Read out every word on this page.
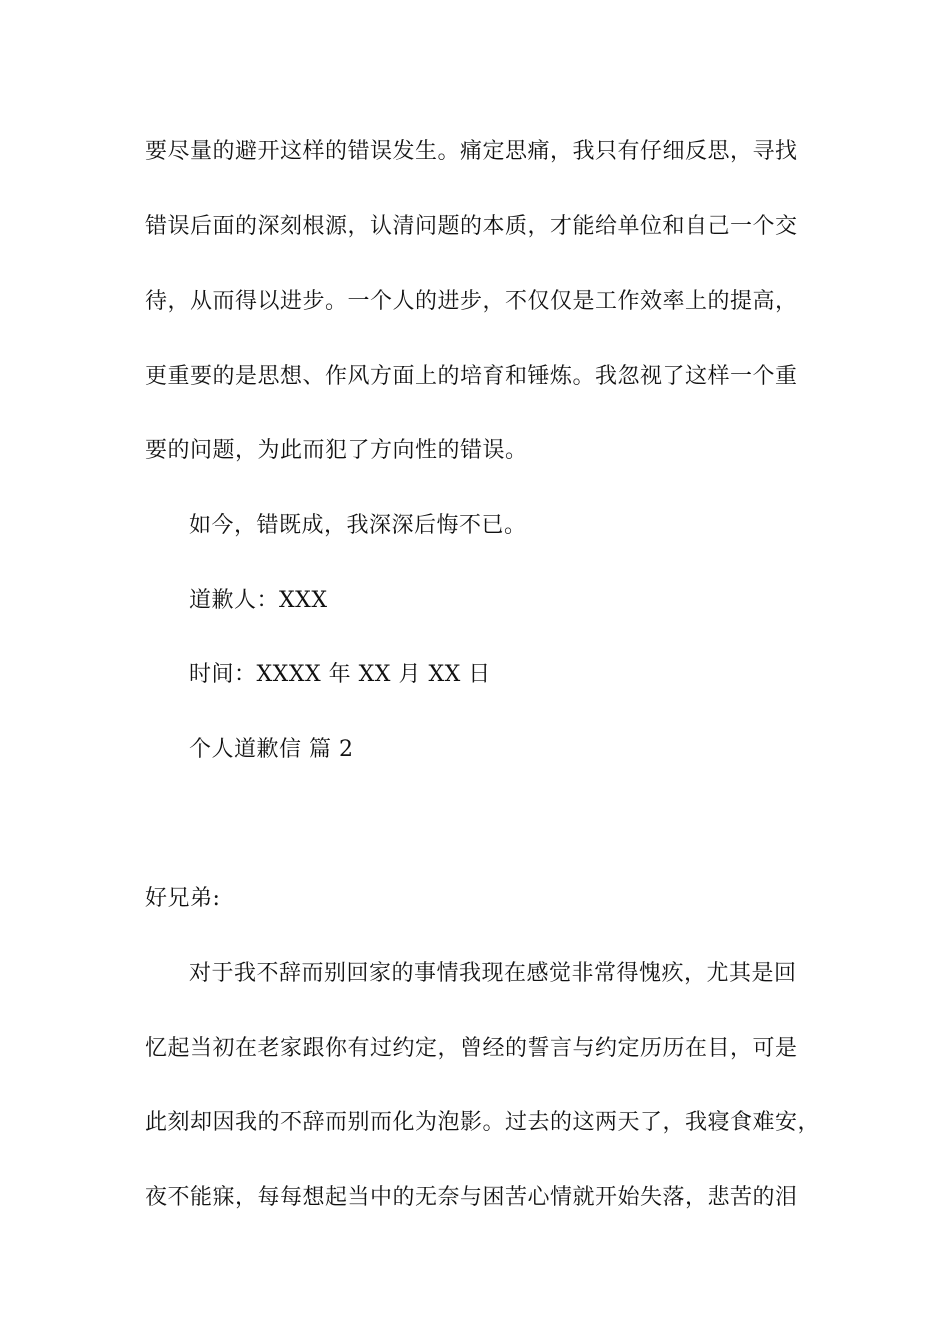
要尽量的避开这样的错误发生。痛定思痛，我只有仔细反思，寻找
错误后面的深刻根源，认清问题的本质，才能给单位和自己一个交
待，从而得以进步。一个人的进步，不仅仅是工作效率上的提高，
更重要的是思想、作风方面上的培育和锤炼。我忽视了这样一个重
要的问题，为此而犯了方向性的错误。
如今，错既成，我深深后悔不已。
道歉人：XXX
时间：XXXX 年 XX 月 XX 日
个人道歉信 篇 2
好兄弟:
对于我不辞而别回家的事情我现在感觉非常得愧疚，尤其是回
忆起当初在老家跟你有过约定，曾经的誓言与约定历历在目，可是
此刻却因我的不辞而别而化为泡影。过去的这两天了，我寝食难安，
夜不能寐，每每想起当中的无奈与困苦心情就开始失落，悲苦的泪
